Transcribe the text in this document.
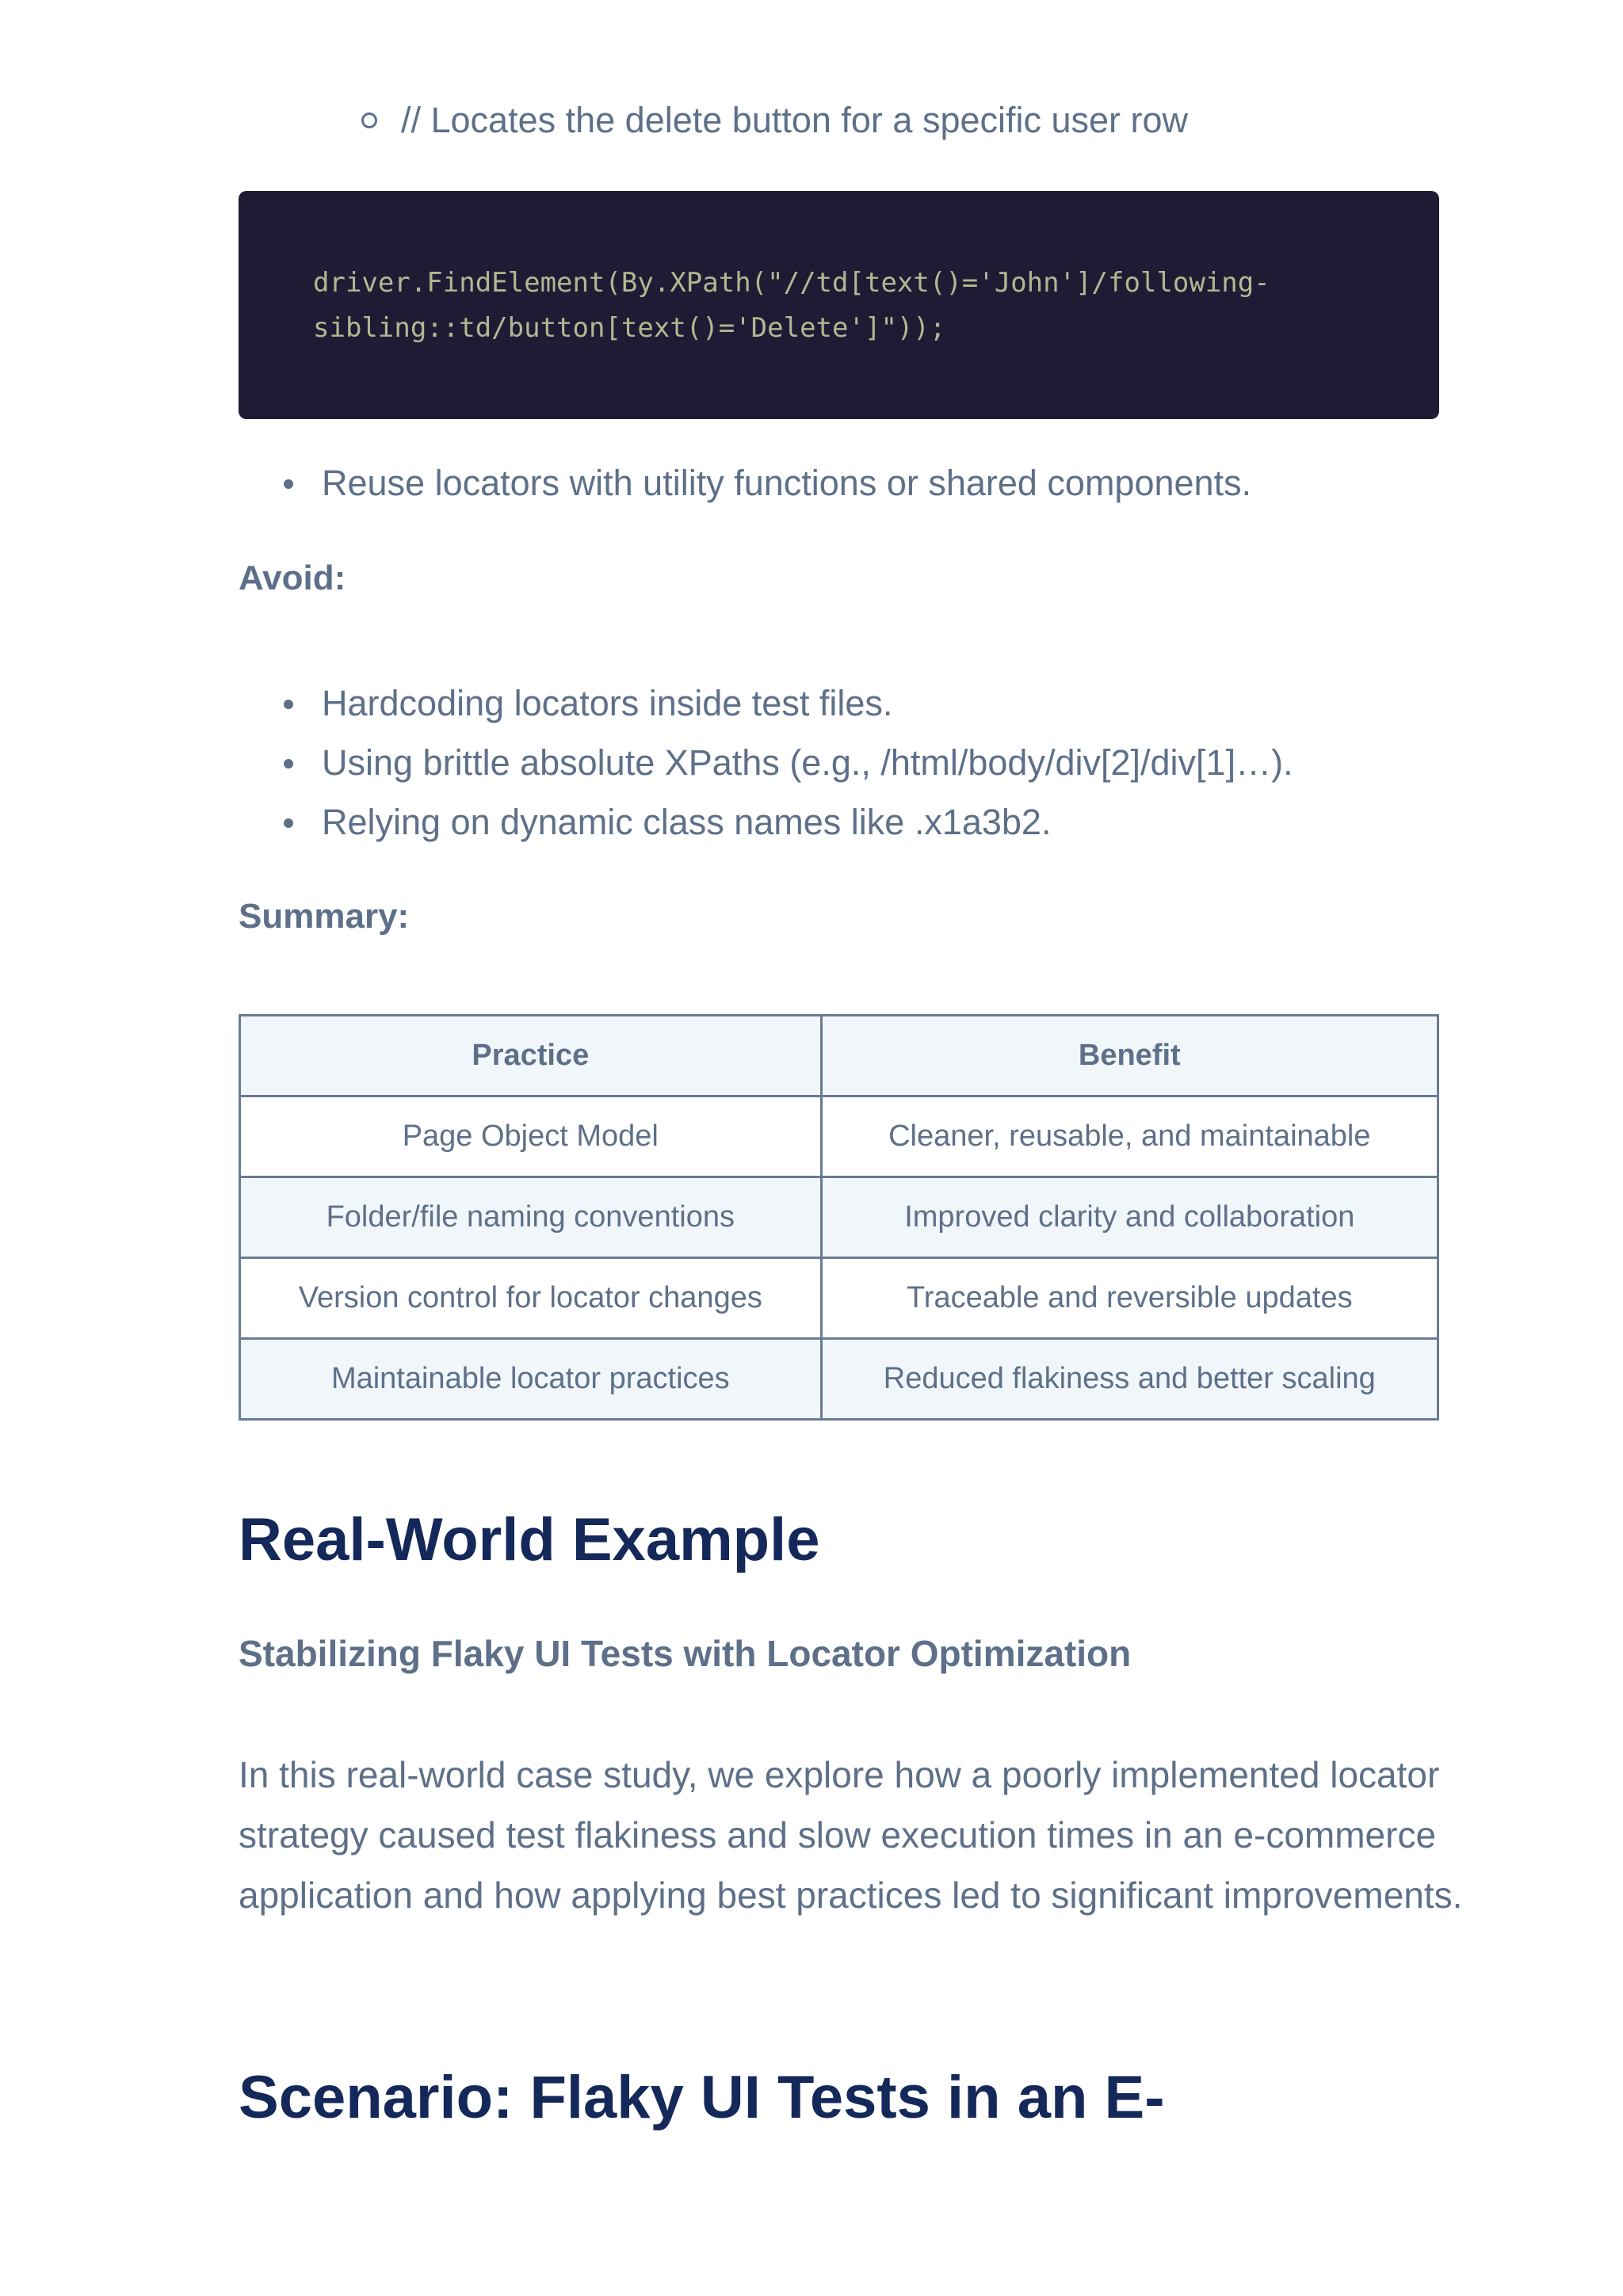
// Locates the delete button for a specific user row
driver.FindElement(By.XPath("//td[text()='John']/following-
sibling::td/button[text()='Delete']"));
Reuse locators with utility functions or shared components.
Avoid:
Hardcoding locators inside test files.
Using brittle absolute XPaths (e.g., /html/body/div[2]/div[1]…).
Relying on dynamic class names like .x1a3b2.
Summary:
Practice	Benefit
Page Object Model	Cleaner, reusable, and maintainable
Folder/file naming conventions	Improved clarity and collaboration
Version control for locator changes	Traceable and reversible updates
Maintainable locator practices	Reduced flakiness and better scaling
Real-World Example
Stabilizing Flaky UI Tests with Locator Optimization

In this real-world case study, we explore how a poorly implemented locator strategy caused test flakiness and slow execution times in an e-commerce application and how applying best practices led to significant improvements.

Scenario: Flaky UI Tests in an E-
